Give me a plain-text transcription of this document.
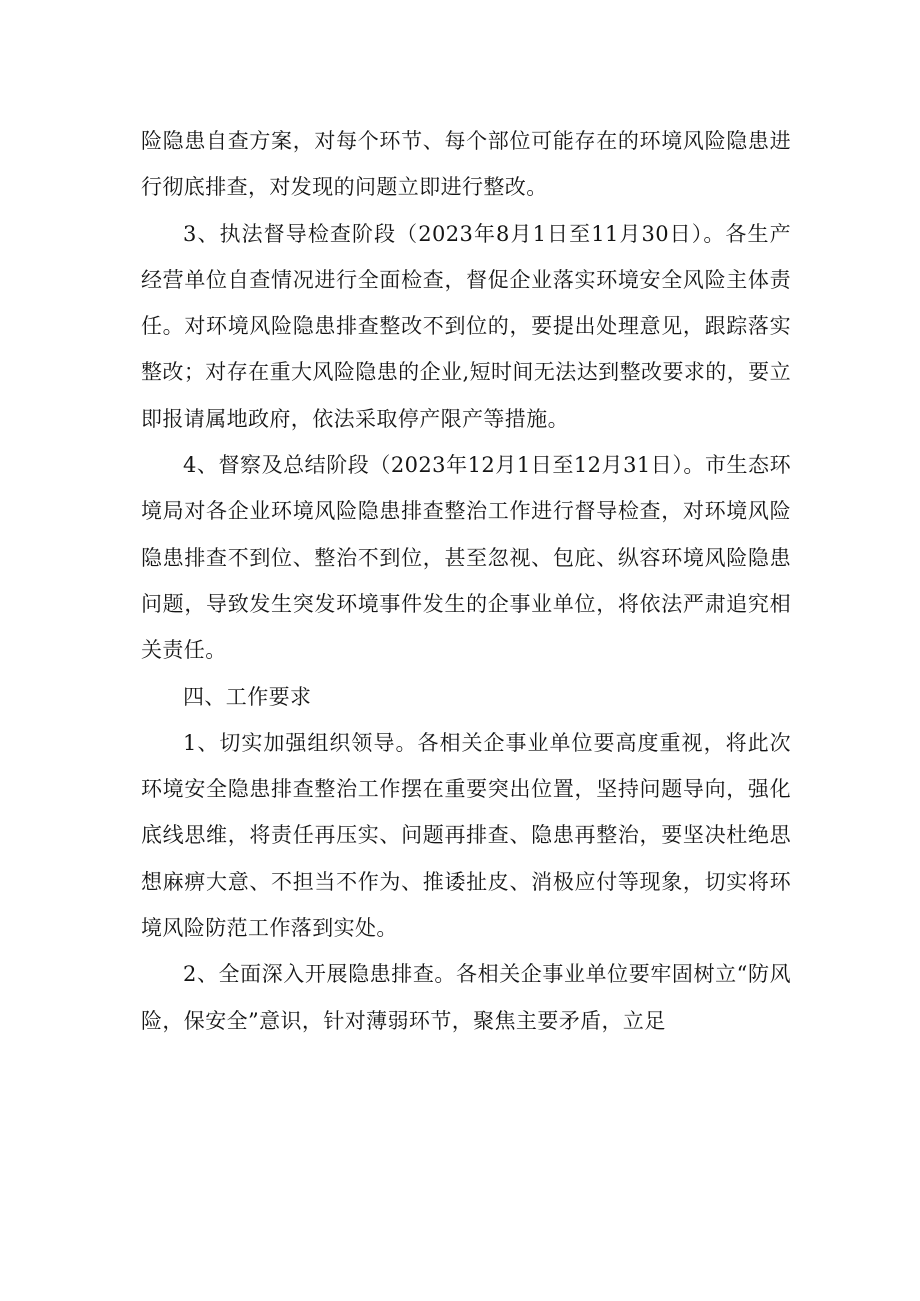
险隐患自查方案，对每个环节、每个部位可能存在的环境风险隐患进行彻底排查，对发现的问题立即进行整改。

3、执法督导检查阶段（2023年8月1日至11月30日）。各生产经营单位自查情况进行全面检查，督促企业落实环境安全风险主体责任。对环境风险隐患排查整改不到位的，要提出处理意见，跟踪落实整改；对存在重大风险隐患的企业,短时间无法达到整改要求的，要立即报请属地政府，依法采取停产限产等措施。

4、督察及总结阶段（2023年12月1日至12月31日）。市生态环境局对各企业环境风险隐患排查整治工作进行督导检查，对环境风险隐患排查不到位、整治不到位，甚至忽视、包庇、纵容环境风险隐患问题，导致发生突发环境事件发生的企事业单位，将依法严肃追究相关责任。

四、工作要求

1、切实加强组织领导。各相关企事业单位要高度重视，将此次环境安全隐患排查整治工作摆在重要突出位置，坚持问题导向，强化底线思维，将责任再压实、问题再排查、隐患再整治，要坚决杜绝思想麻痹大意、不担当不作为、推诿扯皮、消极应付等现象，切实将环境风险防范工作落到实处。

2、全面深入开展隐患排查。各相关企事业单位要牢固树立“防风险，保安全”意识，针对薄弱环节，聚焦主要矛盾，立足
